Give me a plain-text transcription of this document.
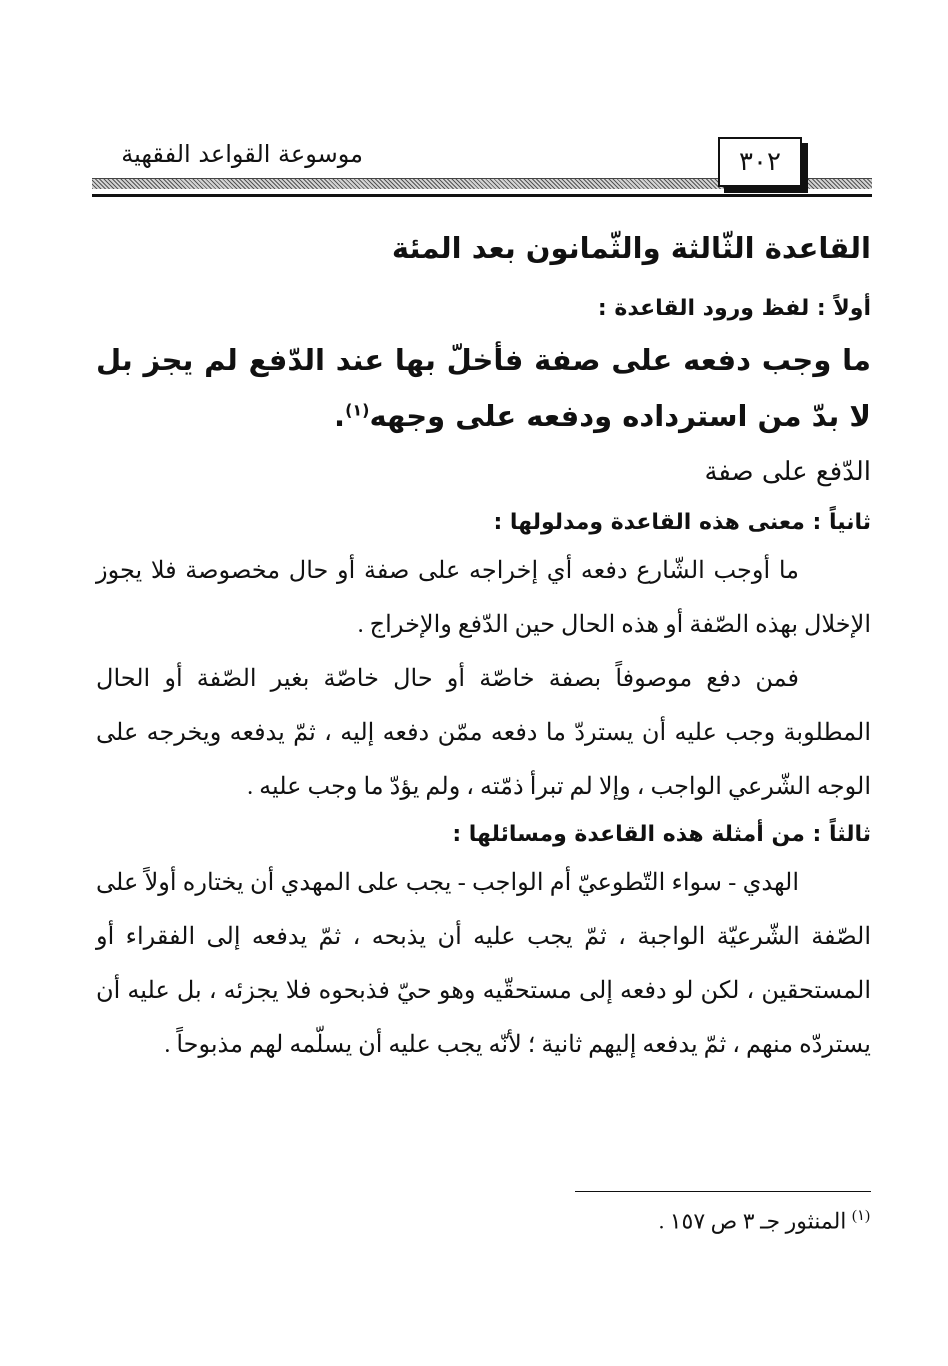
٣٠٢
موسوعة القواعد الفقهية
القاعدة الثّالثة والثّمانون بعد المئة
أولاً : لفظ ورود القاعدة :
ما وجب دفعه على صفة فأخلّ بها عند الدّفع لم يجز بل لا بدّ من استرداده ودفعه على وجهه$^{(١)}$.
الدّفع على صفة
ثانياً : معنى هذه القاعدة ومدلولها :

ما أوجب الشّارع دفعه أي إخراجه على صفة أو حال مخصوصة فلا يجوز الإخلال بهذه الصّفة أو هذه الحال حين الدّفع والإخراج .

فمن دفع موصوفاً بصفة خاصّة أو حال خاصّة بغير الصّفة أو الحال المطلوبة وجب عليه أن يستردّ ما دفعه ممّن دفعه إليه ، ثمّ يدفعه ويخرجه على الوجه الشّرعي الواجب ، وإلا لم تبرأ ذمّته ، ولم يؤدّ ما وجب عليه .

ثالثاً : من أمثلة هذه القاعدة ومسائلها :

الهدي - سواء التّطوعيّ أم الواجب - يجب على المهدي أن يختاره أولاً على الصّفة الشّرعيّة الواجبة ، ثمّ يجب عليه أن يذبحه ، ثمّ يدفعه إلى الفقراء أو المستحقين ، لكن لو دفعه إلى مستحقّيه وهو حيّ فذبحوه فلا يجزئه ، بل عليه أن يستردّه منهم ، ثمّ يدفعه إليهم ثانية ؛ لأنّه يجب عليه أن يسلّمه لهم مذبوحاً .

$^{(١)}$ المنثور جـ ٣ ص ١٥٧ .
